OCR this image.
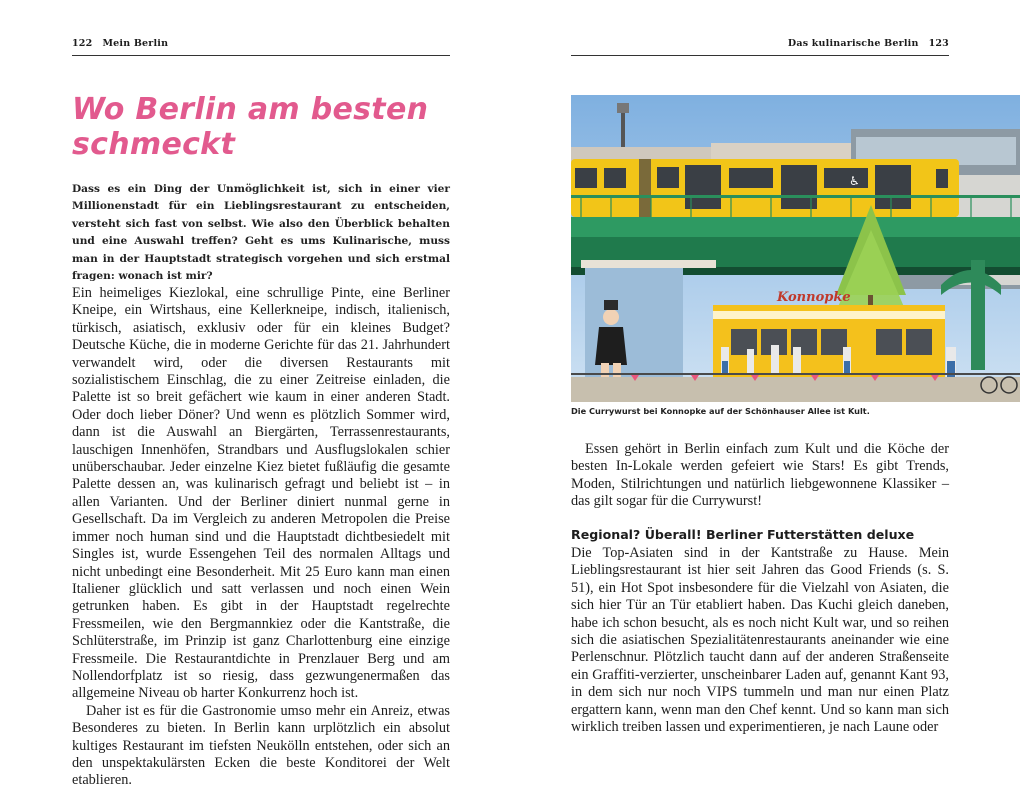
122 Mein Berlin
Wo Berlin am besten schmeckt

Dass es ein Ding der Unmöglichkeit ist, sich in einer vier Millionenstadt für ein Lieblingsrestaurant zu entscheiden, versteht sich fast von selbst. Wie also den Überblick behalten und eine Auswahl treffen? Geht es ums Kulinarische, muss man in der Hauptstadt strategisch vorgehen und sich erstmal fragen: wonach ist mir?

Ein heimeliges Kiezlokal, eine schrullige Pinte, eine Berliner Kneipe, ein Wirtshaus, eine Kellerkneipe, indisch, italienisch, türkisch, asiatisch, exklusiv oder für ein kleines Budget? Deutsche Küche, die in moderne Gerichte für das 21. Jahrhundert verwandelt wird, oder die diversen Restaurants mit sozialistischem Einschlag, die zu einer Zeitreise einladen, die Palette ist so breit gefächert wie kaum in einer anderen Stadt. Oder doch lieber Döner? Und wenn es plötzlich Sommer wird, dann ist die Auswahl an Biergärten, Terrassenrestaurants, lauschigen Innenhöfen, Strandbars und Ausflugslokalen schier unüberschaubar. Jeder einzelne Kiez bietet fußläufig die gesamte Palette dessen an, was kulinarisch gefragt und beliebt ist – in allen Varianten. Und der Berliner diniert nunmal gerne in Gesellschaft. Da im Vergleich zu anderen Metropolen die Preise immer noch human sind und die Hauptstadt dichtbesiedelt mit Singles ist, wurde Essengehen Teil des normalen Alltags und nicht unbedingt eine Besonderheit. Mit 25 Euro kann man einen Italiener glücklich und satt verlassen und noch einen Wein getrunken haben. Es gibt in der Hauptstadt regelrechte Fressmeilen, wie den Bergmannkiez oder die Kantstraße, die Schlüterstraße, im Prinzip ist ganz Charlottenburg eine einzige Fressmeile. Die Restaurantdichte in Prenzlauer Berg und am Nollendorfplatz ist so riesig, dass gezwungenermaßen das allgemeine Niveau ob harter Konkurrenz hoch ist.

Daher ist es für die Gastronomie umso mehr ein Anreiz, etwas Besonderes zu bieten. In Berlin kann urplötzlich ein absolut kultiges Restaurant im tiefsten Neukölln entstehen, oder sich an den unspektakulärsten Ecken die beste Konditorei der Welt etablieren.

Das kulinarische Berlin 123
♿
Konnopke
Die Currywurst bei Konnopke auf der Schönhauser Allee ist Kult.

Essen gehört in Berlin einfach zum Kult und die Köche der besten In-Lokale werden gefeiert wie Stars! Es gibt Trends, Moden, Stilrichtungen und natürlich liebgewonnene Klassiker – das gilt sogar für die Currywurst!

Regional? Überall! Berliner Futterstätten deluxe

Die Top-Asiaten sind in der Kantstraße zu Hause. Mein Lieblingsrestaurant ist hier seit Jahren das Good Friends (s. S. 51), ein Hot Spot insbesondere für die Vielzahl von Asiaten, die sich hier Tür an Tür etabliert haben. Das Kuchi gleich daneben, habe ich schon besucht, als es noch nicht Kult war, und so reihen sich die asiatischen Spezialitätenrestaurants aneinander wie eine Perlenschnur. Plötzlich taucht dann auf der anderen Straßenseite ein Graffiti-verzierter, unscheinbarer Laden auf, genannt Kant 93, in dem sich nur noch VIPS tummeln und man nur einen Platz ergattern kann, wenn man den Chef kennt. Und so kann man sich wirklich treiben lassen und experimentieren, je nach Laune oder
